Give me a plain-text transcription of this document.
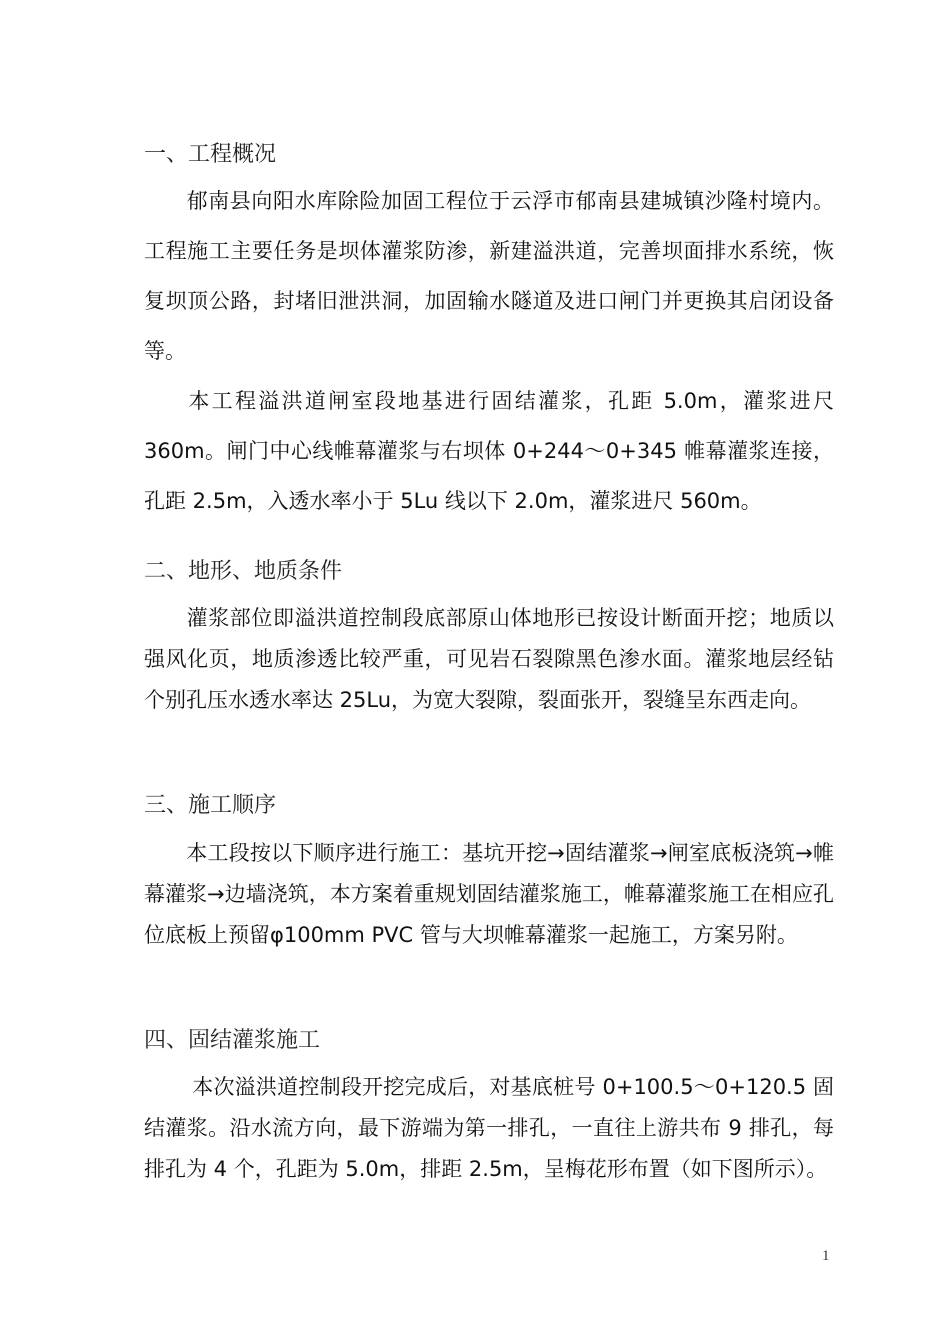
一、工程概况

郁南县向阳水库除险加固工程位于云浮市郁南县建城镇沙隆村境内。工程施工主要任务是坝体灌浆防渗，新建溢洪道，完善坝面排水系统，恢复坝顶公路，封堵旧泄洪洞，加固输水隧道及进口闸门并更换其启闭设备等。

本工程溢洪道闸室段地基进行固结灌浆，孔距 5.0m，灌浆进尺360m。闸门中心线帷幕灌浆与右坝体 0+244～0+345 帷幕灌浆连接，孔距 2.5m，入透水率小于 5Lu 线以下 2.0m，灌浆进尺 560m。

二、地形、地质条件

灌浆部位即溢洪道控制段底部原山体地形已按设计断面开挖；地质以强风化页，地质渗透比较严重，可见岩石裂隙黑色渗水面。灌浆地层经钻个别孔压水透水率达 25Lu，为宽大裂隙，裂面张开，裂缝呈东西走向。

三、施工顺序

本工段按以下顺序进行施工：基坑开挖→固结灌浆→闸室底板浇筑→帷幕灌浆→边墙浇筑，本方案着重规划固结灌浆施工，帷幕灌浆施工在相应孔位底板上预留φ100mm PVC 管与大坝帷幕灌浆一起施工，方案另附。

四、固结灌浆施工

本次溢洪道控制段开挖完成后，对基底桩号 0+100.5～0+120.5 固结灌浆。沿水流方向，最下游端为第一排孔，一直往上游共布 9 排孔，每排孔为 4 个，孔距为 5.0m，排距 2.5m，呈梅花形布置（如下图所示）。

1
